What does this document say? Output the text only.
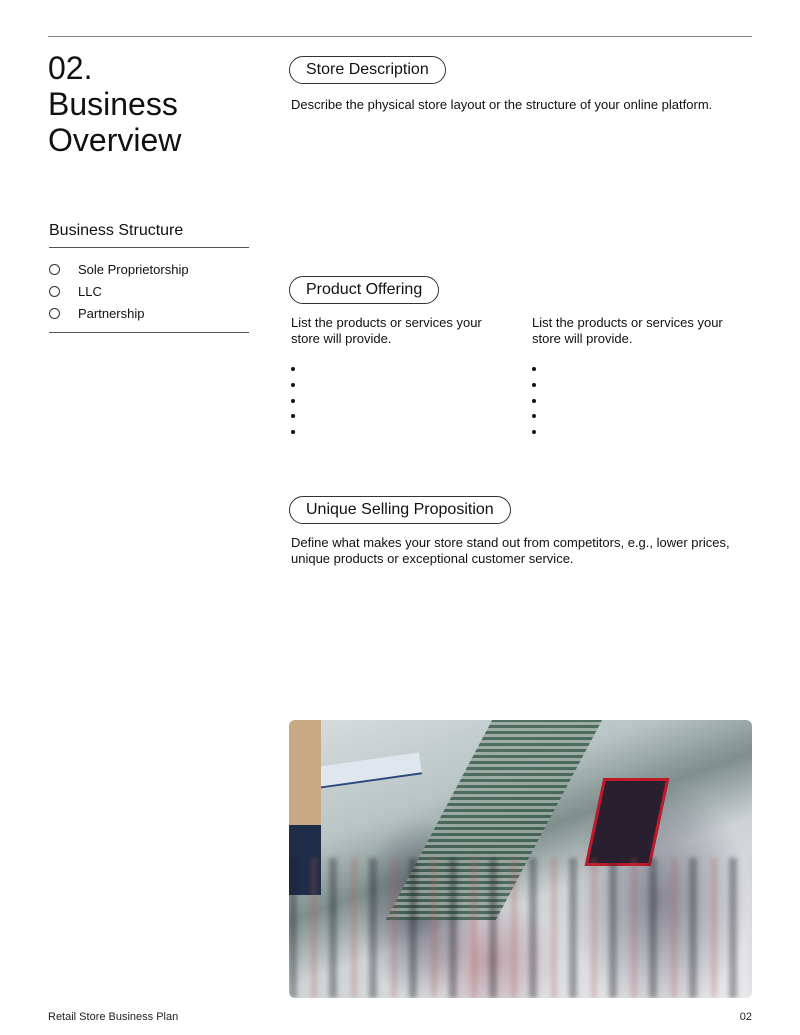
02.
Business
Overview
Business Structure
Sole Proprietorship
LLC
Partnership
Store Description

Describe the physical store layout or the structure of your online platform.

Product Offering

List the products or services your store will provide.

List the products or services your store will provide.

Unique Selling Proposition

Define what makes your store stand out from competitors, e.g., lower prices, unique products or exceptional customer service.

Retail Store Business Plan	02
